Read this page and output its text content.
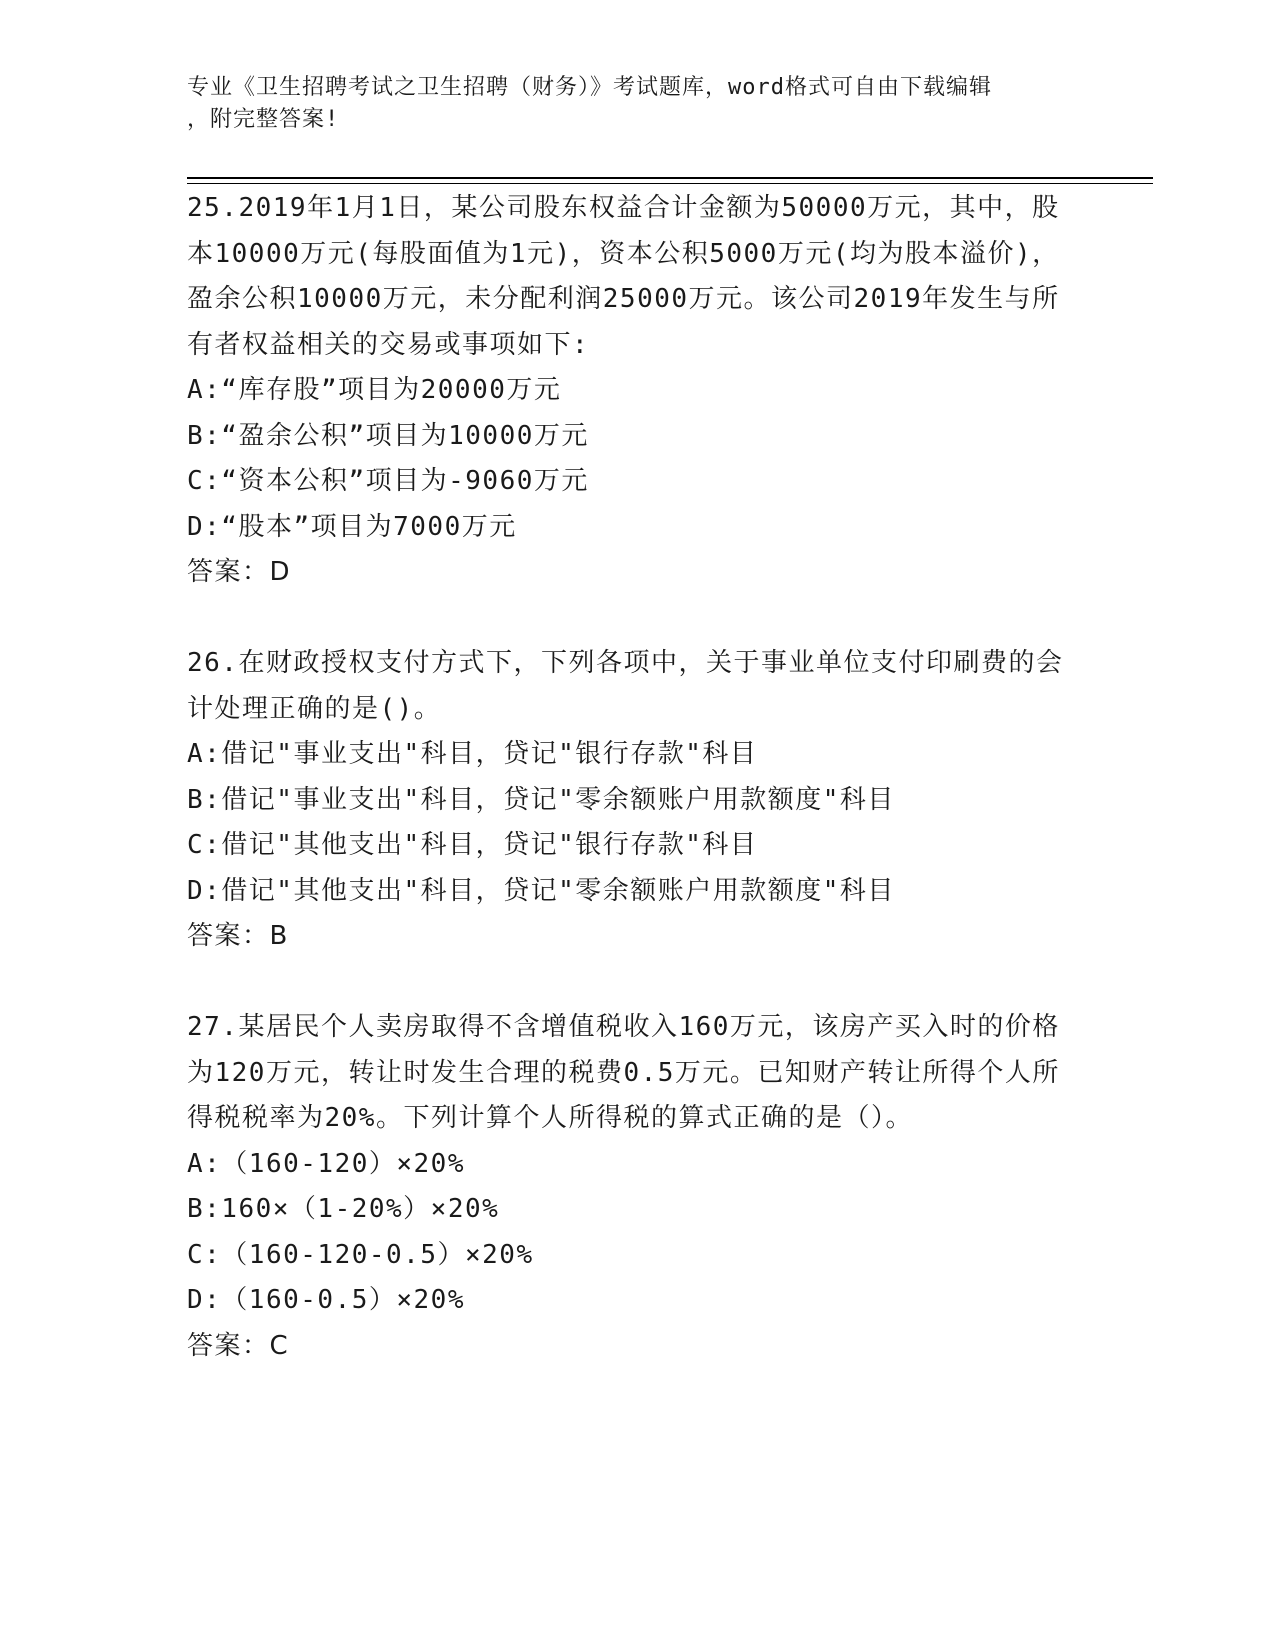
专业《卫生招聘考试之卫生招聘（财务）》考试题库，word格式可自由下载编辑
，附完整答案!

25.2019年1月1日，某公司股东权益合计金额为50000万元，其中，股本10000万元(每股面值为1元)，资本公积5000万元(均为股本溢价)，盈余公积10000万元，未分配利润25000万元。该公司2019年发生与所有者权益相关的交易或事项如下:

A:“库存股”项目为20000万元

B:“盈余公积”项目为10000万元

C:“资本公积”项目为-9060万元

D:“股本”项目为7000万元

答案：D

26.在财政授权支付方式下，下列各项中，关于事业单位支付印刷费的会计处理正确的是()。

A:借记"事业支出"科目，贷记"银行存款"科目

B:借记"事业支出"科目，贷记"零余额账户用款额度"科目

C:借记"其他支出"科目，贷记"银行存款"科目

D:借记"其他支出"科目，贷记"零余额账户用款额度"科目

答案：B

27.某居民个人卖房取得不含增值税收入160万元，该房产买入时的价格为120万元，转让时发生合理的税费0.5万元。已知财产转让所得个人所得税税率为20%。下列计算个人所得税的算式正确的是（）。

A:（160-120）×20%

B:160×（1-20%）×20%

C:（160-120-0.5）×20%

D:（160-0.5）×20%

答案：C
